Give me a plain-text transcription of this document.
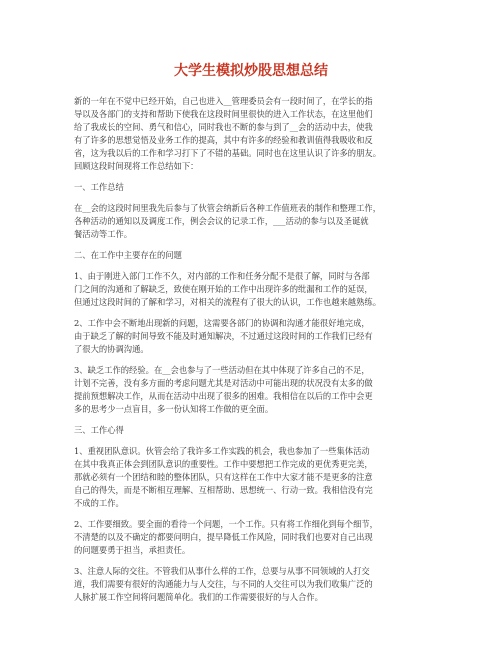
大学生模拟炒股思想总结
新的一年在不觉中已经开始，自己也进入__管理委员会有一段时间了，在学长的指
导以及各部门的支持和帮助下使我在这段时间里很快的进入工作状态，在这里他们
给了我成长的空间、勇气和信心，同时我也不断的参与到了__会的活动中去，使我
有了许多的思想觉悟及业务工作的提高，其中有许多的经验和教训值得我吸收和反
省，这为我以后的工作和学习打下了不错的基础。同时也在这里认识了许多的朋友。
回顾这段时间现将工作总结如下：
一、工作总结
在__会的这段时间里我先后参与了伙管会纳新后各种工作值班表的制作和整理工作，
各种活动的通知以及调度工作，例会会议的记录工作，___活动的参与以及圣诞就
餐活动等工作。
二、在工作中主要存在的问题
1、由于刚进入部门工作不久，对内部的工作和任务分配不是很了解，同时与各部
门之间的沟通和了解缺乏，致使在刚开始的工作中出现许多的纰漏和工作的延误，
但通过这段时间的了解和学习，对相关的流程有了很大的认识，工作也越来越熟练。
2、工作中会不断地出现新的问题，这需要各部门的协调和沟通才能很好地完成，
由于缺乏了解的时间导致不能及时通知解决，不过通过这段时间的工作我们已经有
了很大的协调沟通。
3、缺乏工作的经验。在__会也参与了一些活动但在其中体现了许多自己的不足，
计划不完善，没有多方面的考虑问题尤其是对活动中可能出现的状况没有太多的做
提前预想解决工作，从而在活动中出现了很多的困难。我相信在以后的工作中会更
多的思考少一点盲目，多一份认知将工作做的更全面。
三、工作心得
1、重视团队意识。伙管会给了我许多工作实践的机会，我也参加了一些集体活动
在其中我真正体会到团队意识的重要性。工作中要想把工作完成的更优秀更完美，
那就必须有一个团结和睦的整体团队，只有这样在工作中大家才能不是更多的注意
自己的得失，而是不断相互理解、互相帮助、思想统一、行动一致。我相信没有完
不成的工作。
2、工作要细致。要全面的看待一个问题，一个工作。只有将工作细化到每个细节，
不清楚的以及不确定的都要问明白，提早降低工作风险，同时我们也要对自己出现
的问题要勇于担当，承担责任。
3、注意人际的交往。不管我们从事什么样的工作，总要与从事不同领域的人打交
道，我们需要有很好的沟通能力与人交往，与不同的人交往可以为我们收集广泛的
人脉扩展工作空间将问题简单化。我们的工作需要很好的与人合作。
